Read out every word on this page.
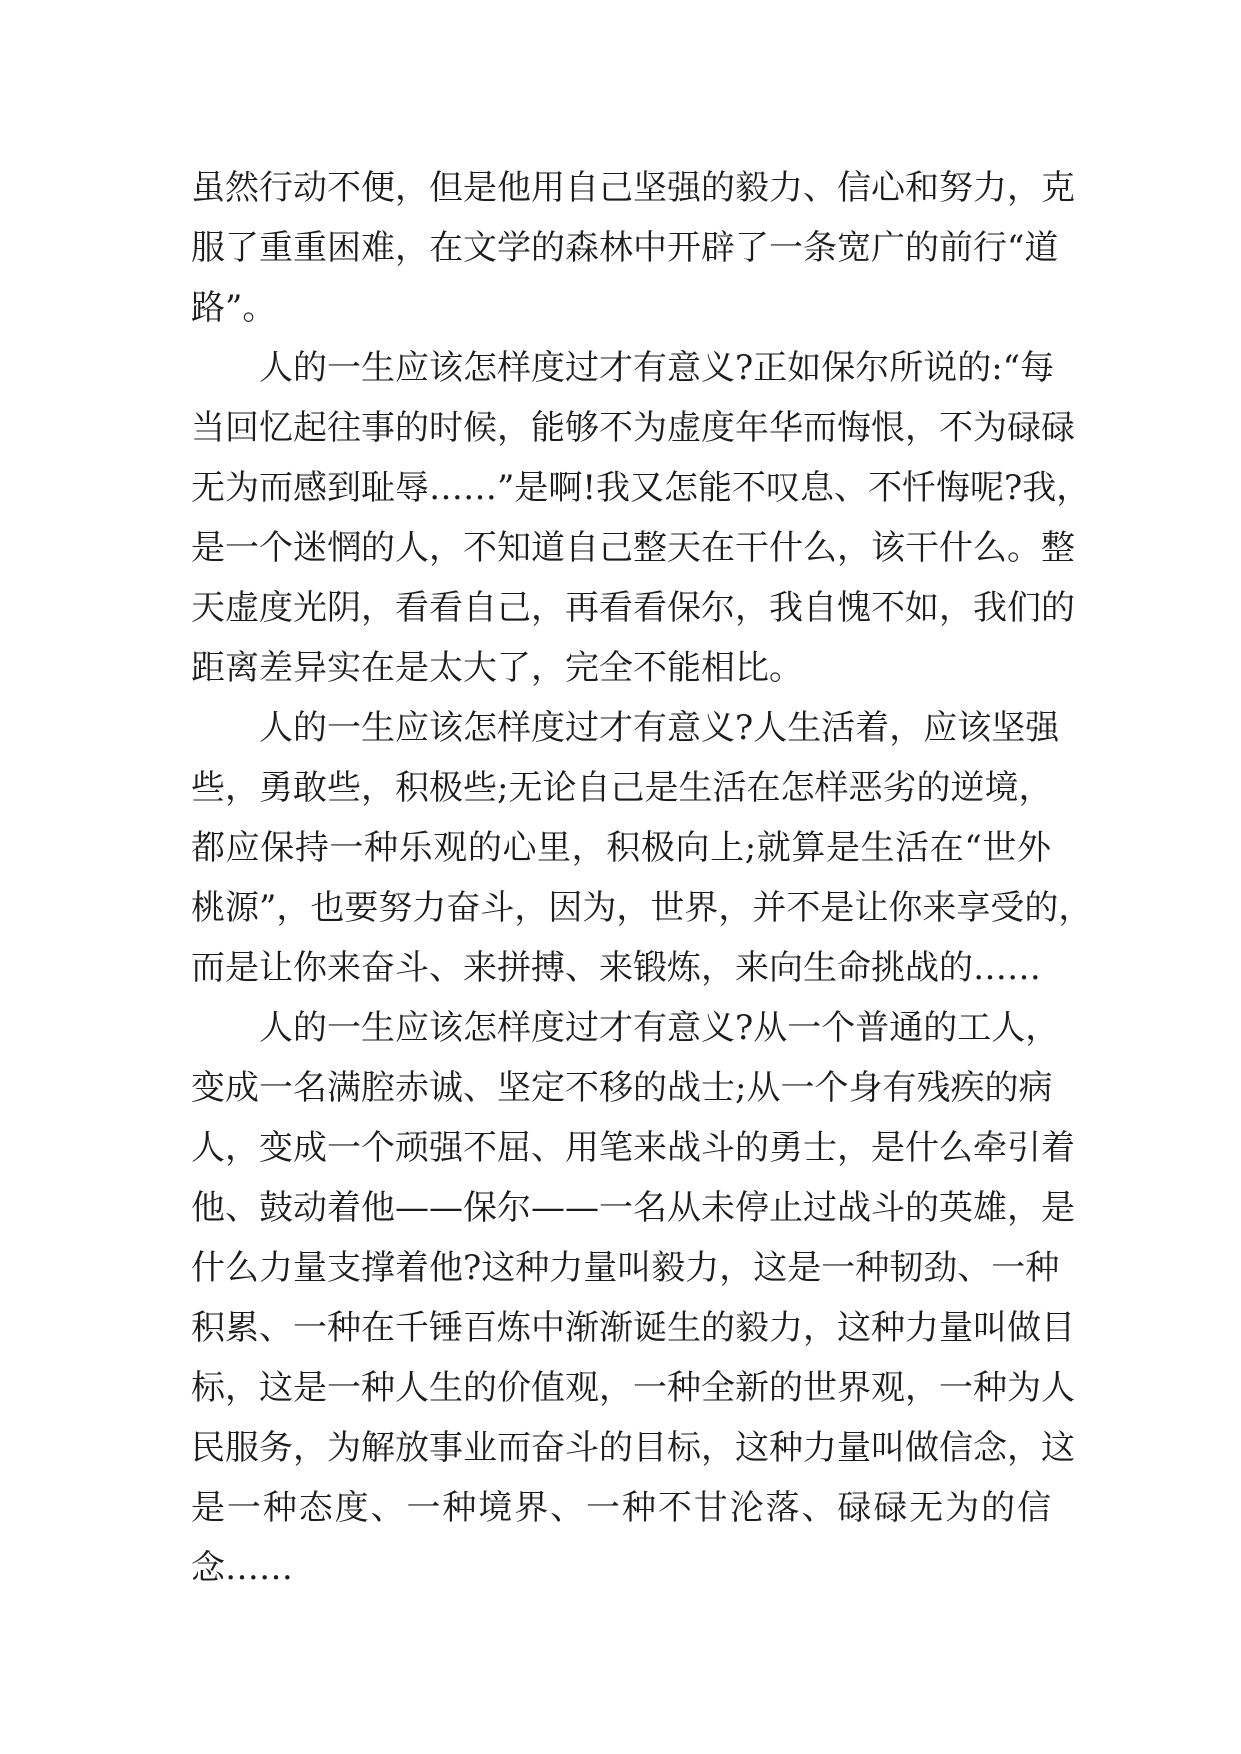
虽然行动不便，但是他用自己坚强的毅力、信心和努力，克
服了重重困难，在文学的森林中开辟了一条宽广的前行“道
路”。
人的一生应该怎样度过才有意义?正如保尔所说的:“每
当回忆起往事的时候，能够不为虚度年华而悔恨，不为碌碌
无为而感到耻辱……”是啊!我又怎能不叹息、不忏悔呢?我，
是一个迷惘的人，不知道自己整天在干什么，该干什么。整
天虚度光阴，看看自己，再看看保尔，我自愧不如，我们的
距离差异实在是太大了，完全不能相比。
人的一生应该怎样度过才有意义?人生活着，应该坚强
些，勇敢些，积极些;无论自己是生活在怎样恶劣的逆境，
都应保持一种乐观的心里，积极向上;就算是生活在“世外
桃源”，也要努力奋斗，因为，世界，并不是让你来享受的，
而是让你来奋斗、来拼搏、来锻炼，来向生命挑战的……
人的一生应该怎样度过才有意义?从一个普通的工人，
变成一名满腔赤诚、坚定不移的战士;从一个身有残疾的病
人，变成一个顽强不屈、用笔来战斗的勇士，是什么牵引着
他、鼓动着他——保尔——一名从未停止过战斗的英雄，是
什么力量支撑着他?这种力量叫毅力，这是一种韧劲、一种
积累、一种在千锤百炼中渐渐诞生的毅力，这种力量叫做目
标，这是一种人生的价值观，一种全新的世界观，一种为人
民服务，为解放事业而奋斗的目标，这种力量叫做信念，这
是一种态度、一种境界、一种不甘沦落、碌碌无为的信
念……
